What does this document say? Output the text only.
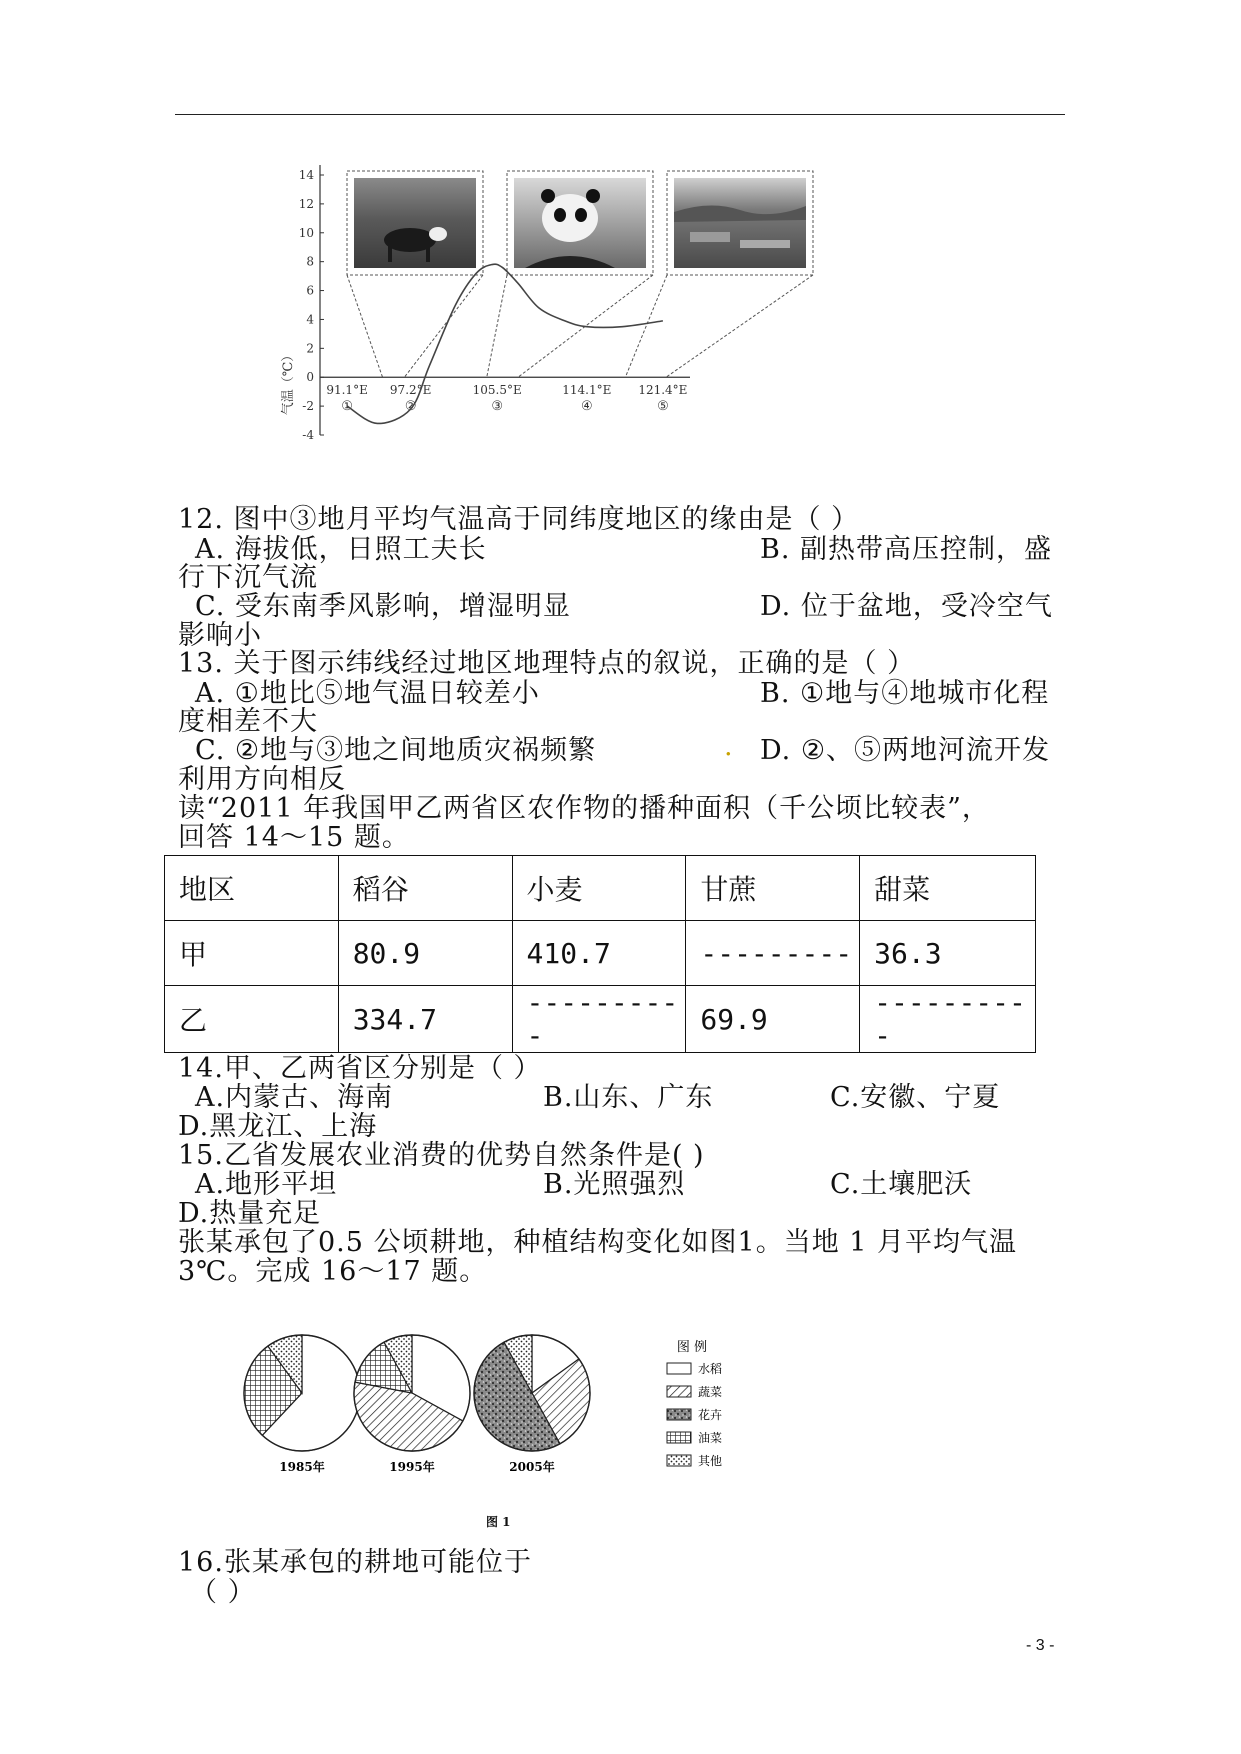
-4
-2
0
2
4
6
8
10
12
14
91.1°E
①
97.2°E
②
105.5°E
③
114.1°E
④
121.4°E
⑤
气温（℃）
12. 图中③地月平均气温高于同纬度地区的缘由是（ ）
A. 海拔低，日照工夫长	B. 副热带高压控制，盛
行下沉气流
C. 受东南季风影响，增湿明显	D. 位于盆地，受冷空气
影响小
13. 关于图示纬线经过地区地理特点的叙说，正确的是（ ）
A. ①地比⑤地气温日较差小	B. ①地与④地城市化程
度相差不大
C. ②地与③地之间地质灾祸频繁	. D. ②、⑤两地河流开发
利用方向相反
读“2011 年我国甲乙两省区农作物的播种面积（千公顷比较表”，
回答 14～15 题。
地区	稻谷	小麦	甘蔗	甜菜
甲	80.9	410.7	---------	36.3
乙	334.7	----------	69.9	----------
14.甲、乙两省区分别是（ ）
A.内蒙古、海南	B.山东、广东	C.安徽、宁夏
D.黑龙江、上海
15.乙省发展农业消费的优势自然条件是( )
A.地形平坦	B.光照强烈	C.土壤肥沃
D.热量充足
张某承包了0.5 公顷耕地，种植结构变化如图1。当地 1 月平均气温
3℃。完成 16～17 题。
1985年	1995年	2005年
图 例
水稻
蔬菜
花卉
油菜
其他
图 1
16.张某承包的耕地可能位于
（ ）
- 3 -
